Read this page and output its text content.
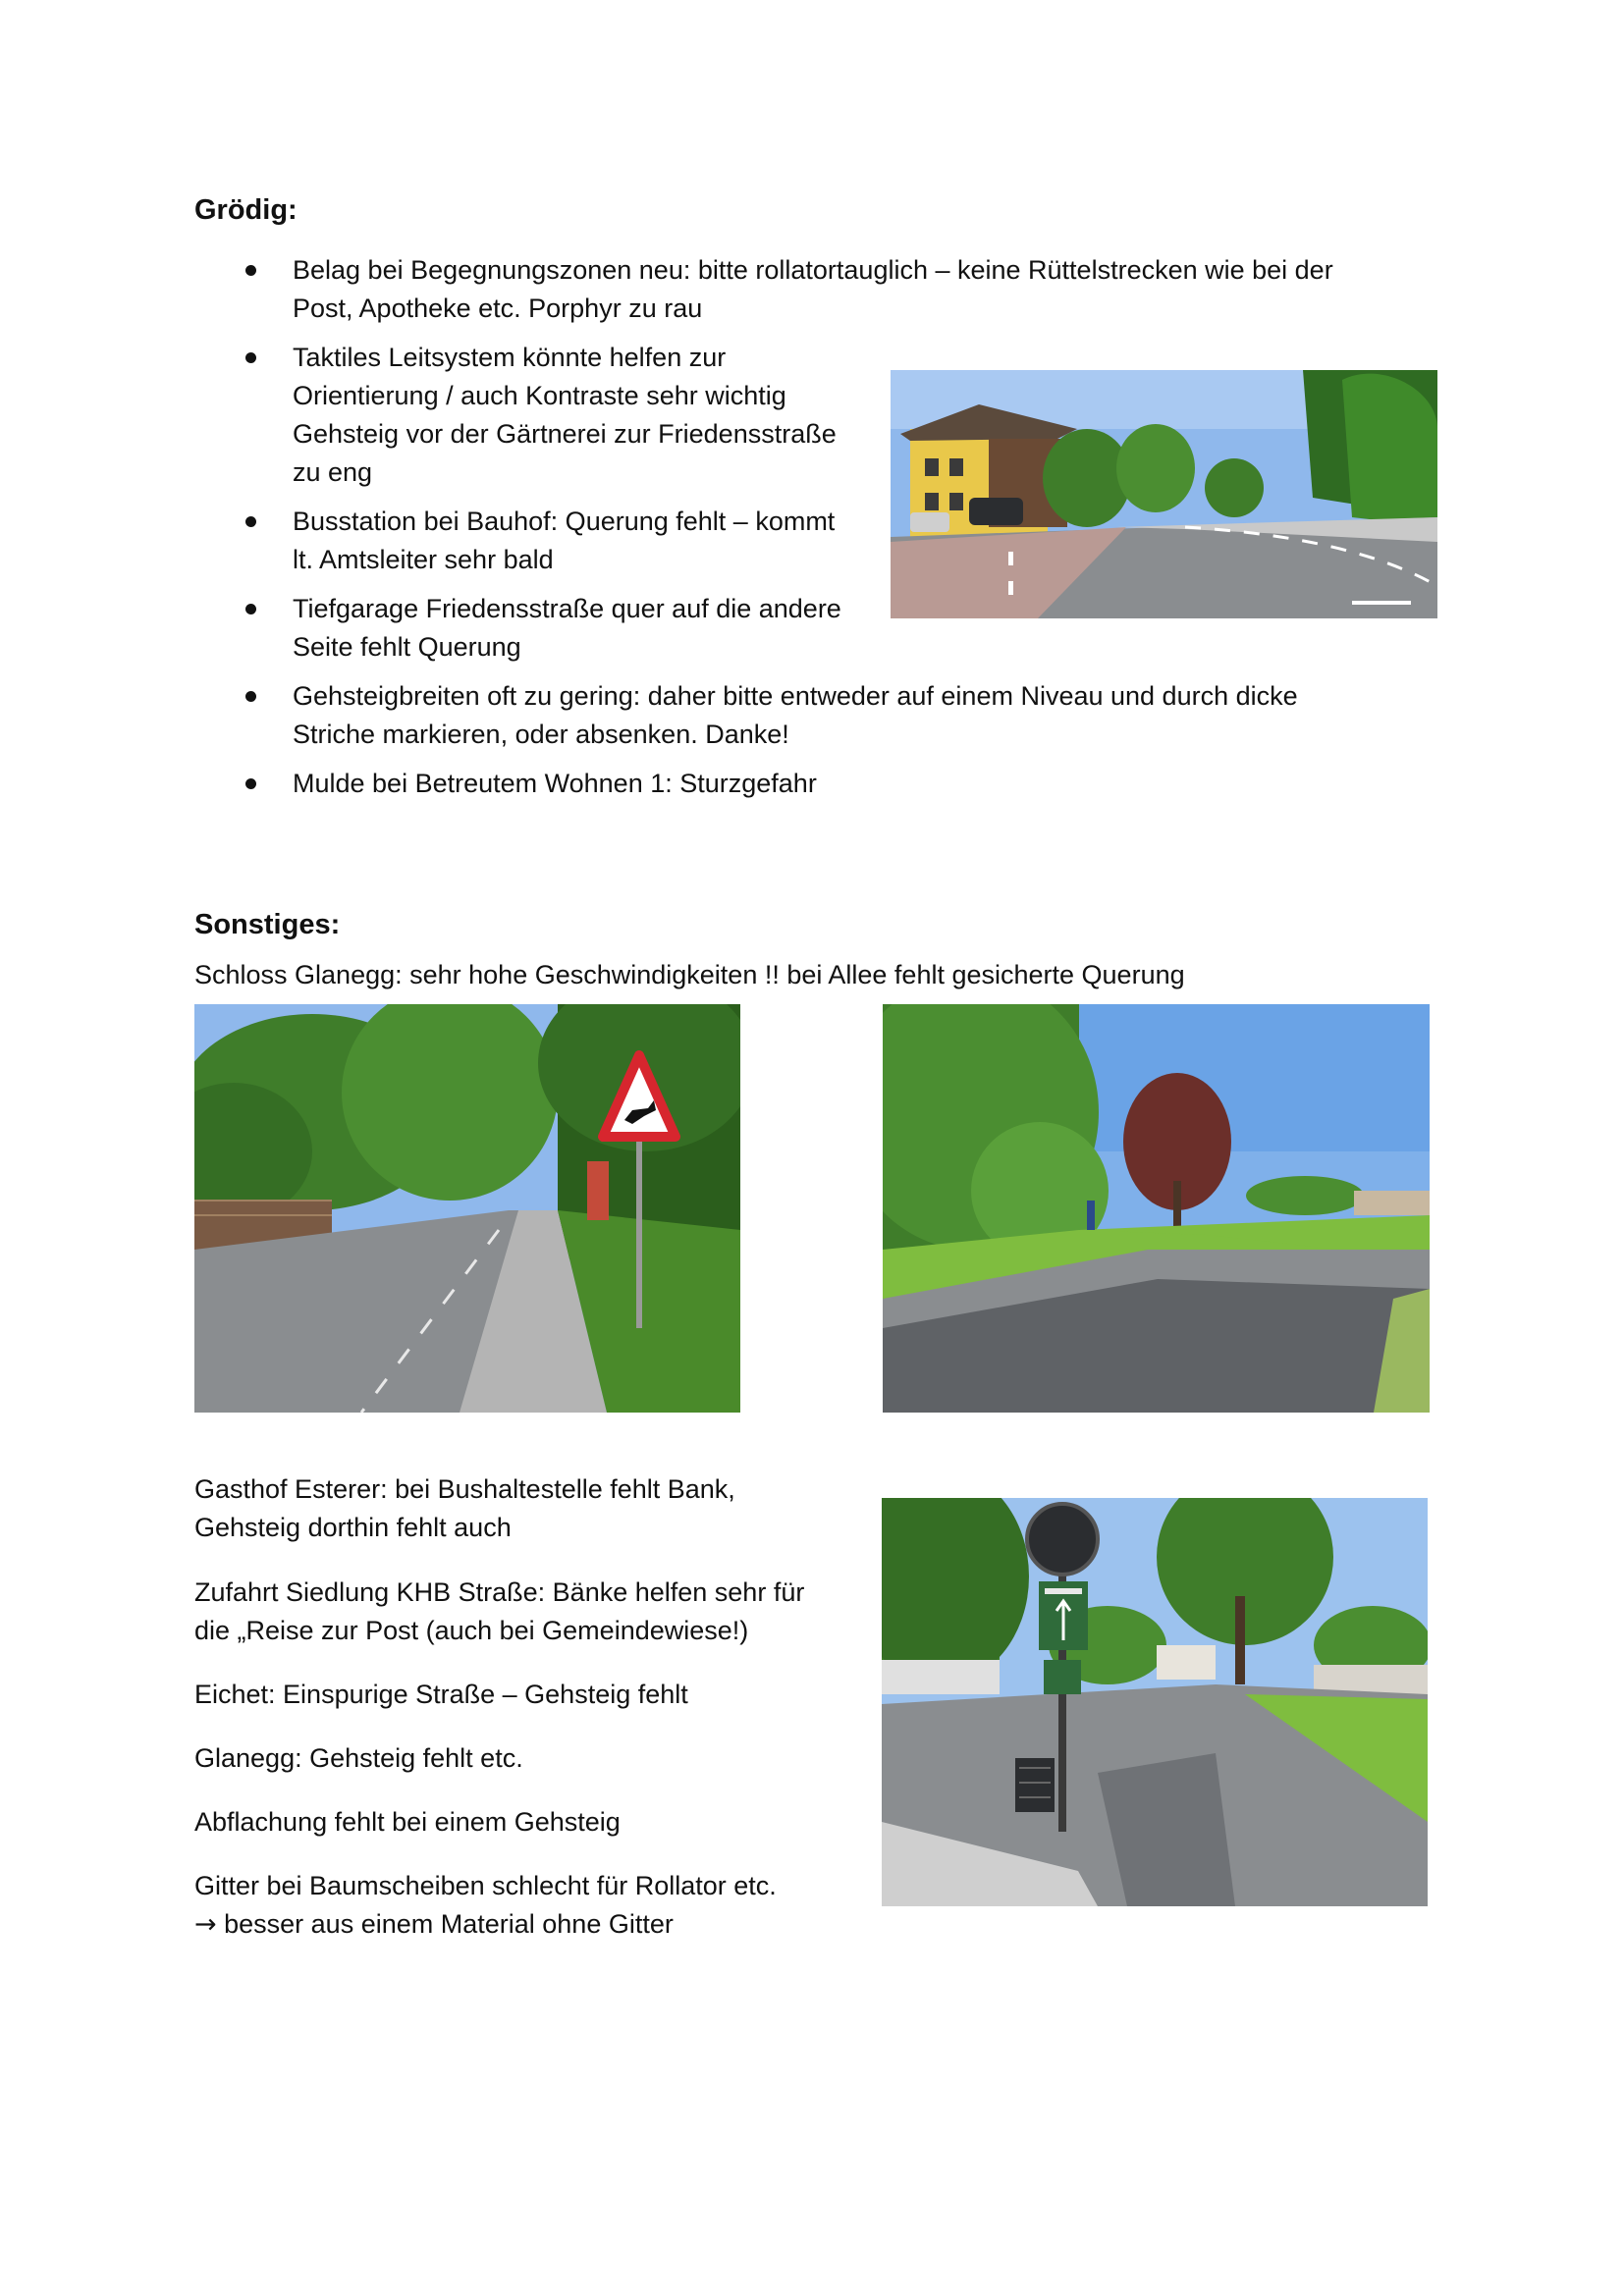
Grödig:
Belag bei Begegnungszonen neu: bitte rollatortauglich – keine Rüttelstrecken wie bei der
Post, Apotheke etc. Porphyr zu rau
Taktiles Leitsystem könnte helfen zur
Orientierung / auch Kontraste sehr wichtig
Gehsteig vor der Gärtnerei zur Friedensstraße
zu eng
Busstation bei Bauhof: Querung fehlt – kommt
lt. Amtsleiter sehr bald
Tiefgarage Friedensstraße quer auf die andere
Seite fehlt Querung
Gehsteigbreiten oft zu gering: daher bitte entweder auf einem Niveau und durch dicke
Striche markieren, oder absenken. Danke!
Mulde bei Betreutem Wohnen 1: Sturzgefahr
Sonstiges:

Schloss Glanegg: sehr hohe Geschwindigkeiten !! bei Allee fehlt gesicherte Querung

Gasthof Esterer: bei Bushaltestelle fehlt Bank,
Gehsteig dorthin fehlt auch

Zufahrt Siedlung KHB Straße: Bänke helfen sehr für
die „Reise zur Post (auch bei Gemeindewiese!)

Eichet: Einspurige Straße – Gehsteig fehlt

Glanegg: Gehsteig fehlt etc.

Abflachung fehlt bei einem Gehsteig

Gitter bei Baumscheiben schlecht für Rollator etc.
→ besser aus einem Material ohne Gitter
